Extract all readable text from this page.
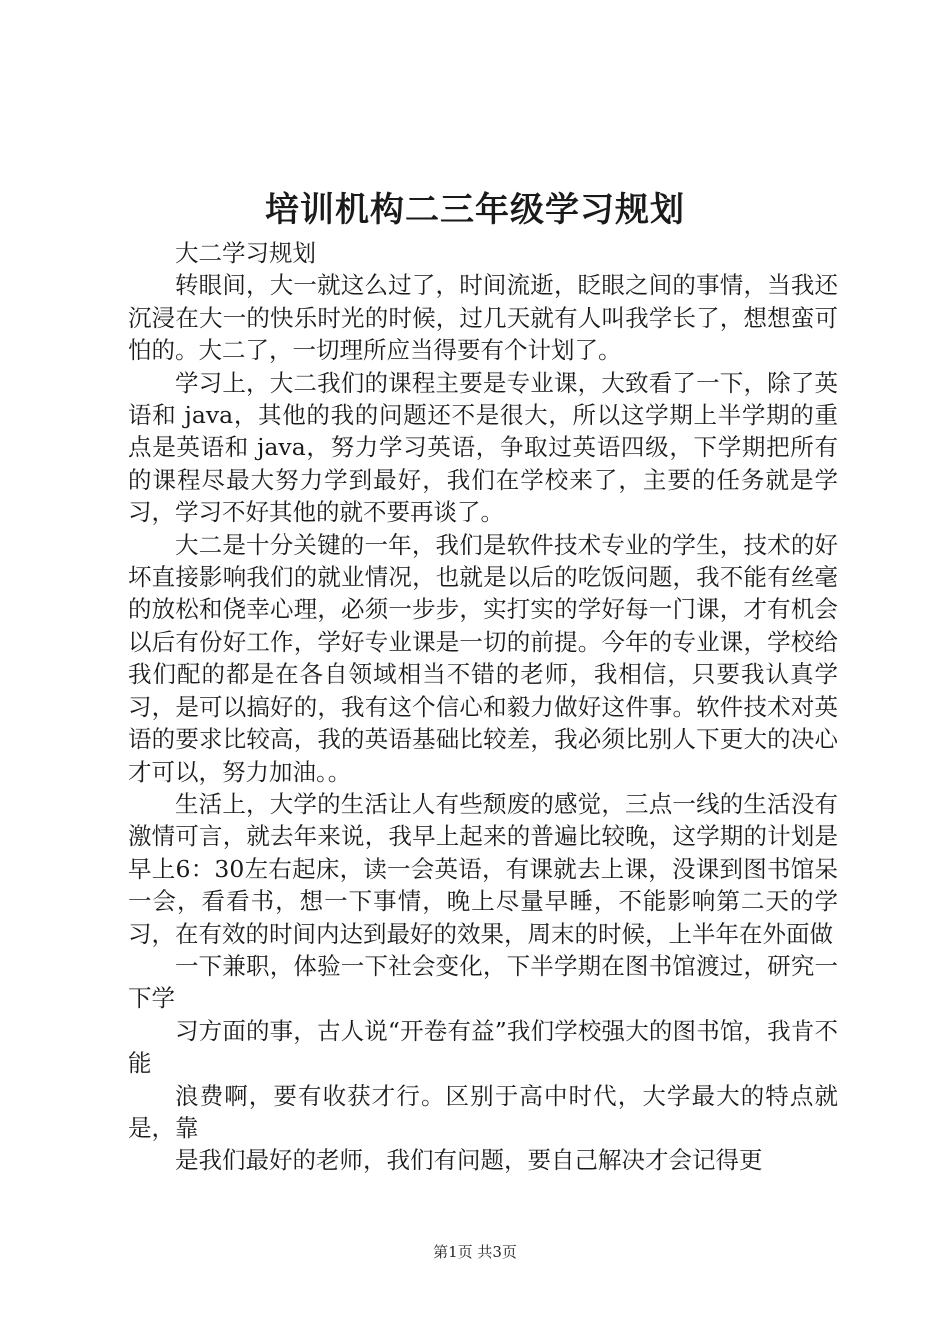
培训机构二三年级学习规划

大二学习规划

转眼间，大一就这么过了，时间流逝，眨眼之间的事情，当我还沉浸在大一的快乐时光的时候，过几天就有人叫我学长了，想想蛮可怕的。大二了，一切理所应当得要有个计划了。

学习上，大二我们的课程主要是专业课，大致看了一下，除了英语和 java，其他的我的问题还不是很大，所以这学期上半学期的重点是英语和 java，努力学习英语，争取过英语四级，下学期把所有的课程尽最大努力学到最好，我们在学校来了，主要的任务就是学习，学习不好其他的就不要再谈了。

大二是十分关键的一年，我们是软件技术专业的学生，技术的好坏直接影响我们的就业情况，也就是以后的吃饭问题，我不能有丝毫的放松和侥幸心理，必须一步步，实打实的学好每一门课，才有机会以后有份好工作，学好专业课是一切的前提。今年的专业课，学校给我们配的都是在各自领域相当不错的老师，我相信，只要我认真学习，是可以搞好的，我有这个信心和毅力做好这件事。软件技术对英语的要求比较高，我的英语基础比较差，我必须比别人下更大的决心才可以，努力加油。。

生活上，大学的生活让人有些颓废的感觉，三点一线的生活没有激情可言，就去年来说，我早上起来的普遍比较晚，这学期的计划是早上6：30左右起床，读一会英语，有课就去上课，没课到图书馆呆一会，看看书，想一下事情，晚上尽量早睡，不能影响第二天的学习，在有效的时间内达到最好的效果，周末的时候，上半年在外面做

一下兼职，体验一下社会变化，下半学期在图书馆渡过，研究一下学

习方面的事，古人说“开卷有益”我们学校强大的图书馆，我肯不能

浪费啊，要有收获才行。区别于高中时代，大学最大的特点就是，靠

是我们最好的老师，我们有问题，要自己解决才会记得更

第1页 共3页
